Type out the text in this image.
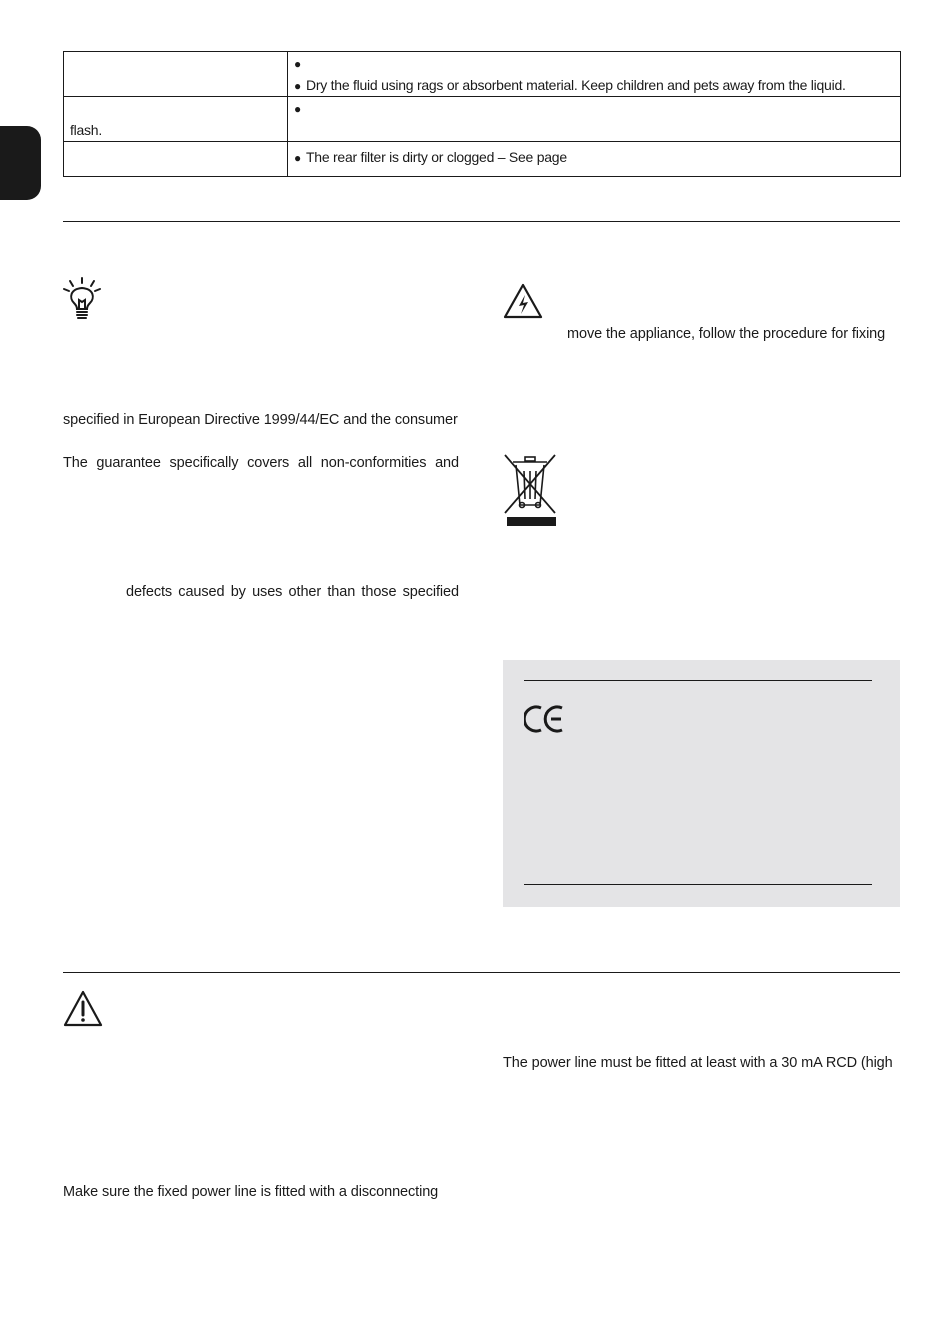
	●
● Dry the fluid using rags or absorbent material. Keep children and pets away from the liquid.

flash.	●

	● The rear filter is dirty or clogged – See page
specified in European Directive 1999/44/EC and the consumer
The guarantee specifically covers all non-conformities and
defects caused by uses other than those specified
move the appliance, follow the procedure for fixing
The power line must be fitted at least with a 30 mA RCD (high
Make sure the fixed power line is fitted with a disconnecting
